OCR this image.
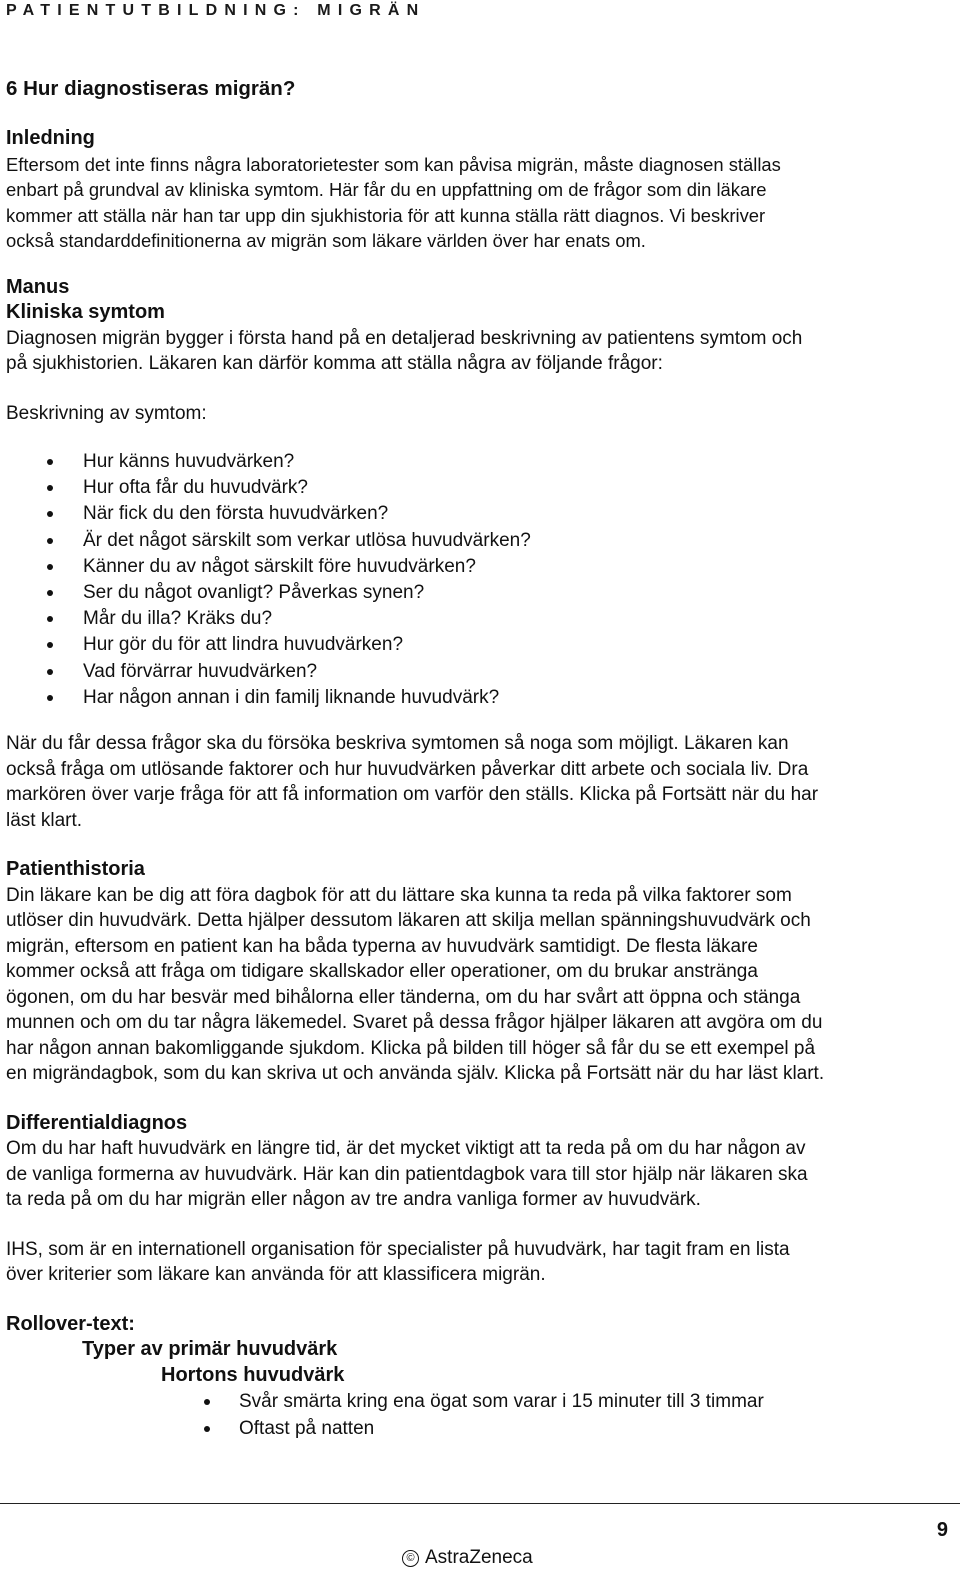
PATIENTUTBILDNING: MIGRÄN
6 Hur diagnostiseras migrän?
Inledning

Eftersom det inte finns några laboratorietester som kan påvisa migrän, måste diagnosen ställas

enbart på grundval av kliniska symtom. Här får du en uppfattning om de frågor som din läkare

kommer att ställa när han tar upp din sjukhistoria för att kunna ställa rätt diagnos. Vi beskriver

också standarddefinitionerna av migrän som läkare världen över har enats om.

Manus
Kliniska symtom

Diagnosen migrän bygger i första hand på en detaljerad beskrivning av patientens symtom och

på sjukhistorien. Läkaren kan därför komma att ställa några av följande frågor:

Beskrivning av symtom:

Hur känns huvudvärken?
Hur ofta får du huvudvärk?
När fick du den första huvudvärken?
Är det något särskilt som verkar utlösa huvudvärken?
Känner du av något särskilt före huvudvärken?
Ser du något ovanligt? Påverkas synen?
Mår du illa? Kräks du?
Hur gör du för att lindra huvudvärken?
Vad förvärrar huvudvärken?
Har någon annan i din familj liknande huvudvärk?

När du får dessa frågor ska du försöka beskriva symtomen så noga som möjligt. Läkaren kan

också fråga om utlösande faktorer och hur huvudvärken påverkar ditt arbete och sociala liv. Dra

markören över varje fråga för att få information om varför den ställs. Klicka på Fortsätt när du har

läst klart.

Patienthistoria

Din läkare kan be dig att föra dagbok för att du lättare ska kunna ta reda på vilka faktorer som

utlöser din huvudvärk. Detta hjälper dessutom läkaren att skilja mellan spänningshuvudvärk och

migrän, eftersom en patient kan ha båda typerna av huvudvärk samtidigt. De flesta läkare

kommer också att fråga om tidigare skallskador eller operationer, om du brukar anstränga

ögonen, om du har besvär med bihålorna eller tänderna, om du har svårt att öppna och stänga

munnen och om du tar några läkemedel. Svaret på dessa frågor hjälper läkaren att avgöra om du

har någon annan bakomliggande sjukdom. Klicka på bilden till höger så får du se ett exempel på

en migrändagbok, som du kan skriva ut och använda själv. Klicka på Fortsätt när du har läst klart.

Differentialdiagnos

Om du har haft huvudvärk en längre tid, är det mycket viktigt att ta reda på om du har någon av

de vanliga formerna av huvudvärk. Här kan din patientdagbok vara till stor hjälp när läkaren ska

ta reda på om du har migrän eller någon av tre andra vanliga former av huvudvärk.

IHS, som är en internationell organisation för specialister på huvudvärk, har tagit fram en lista

över kriterier som läkare kan använda för att klassificera migrän.

Rollover-text:
Typer av primär huvudvärk
Hortons huvudvärk
Svår smärta kring ena ögat som varar i 15 minuter till 3 timmar
Oftast på natten
9
© AstraZeneca
